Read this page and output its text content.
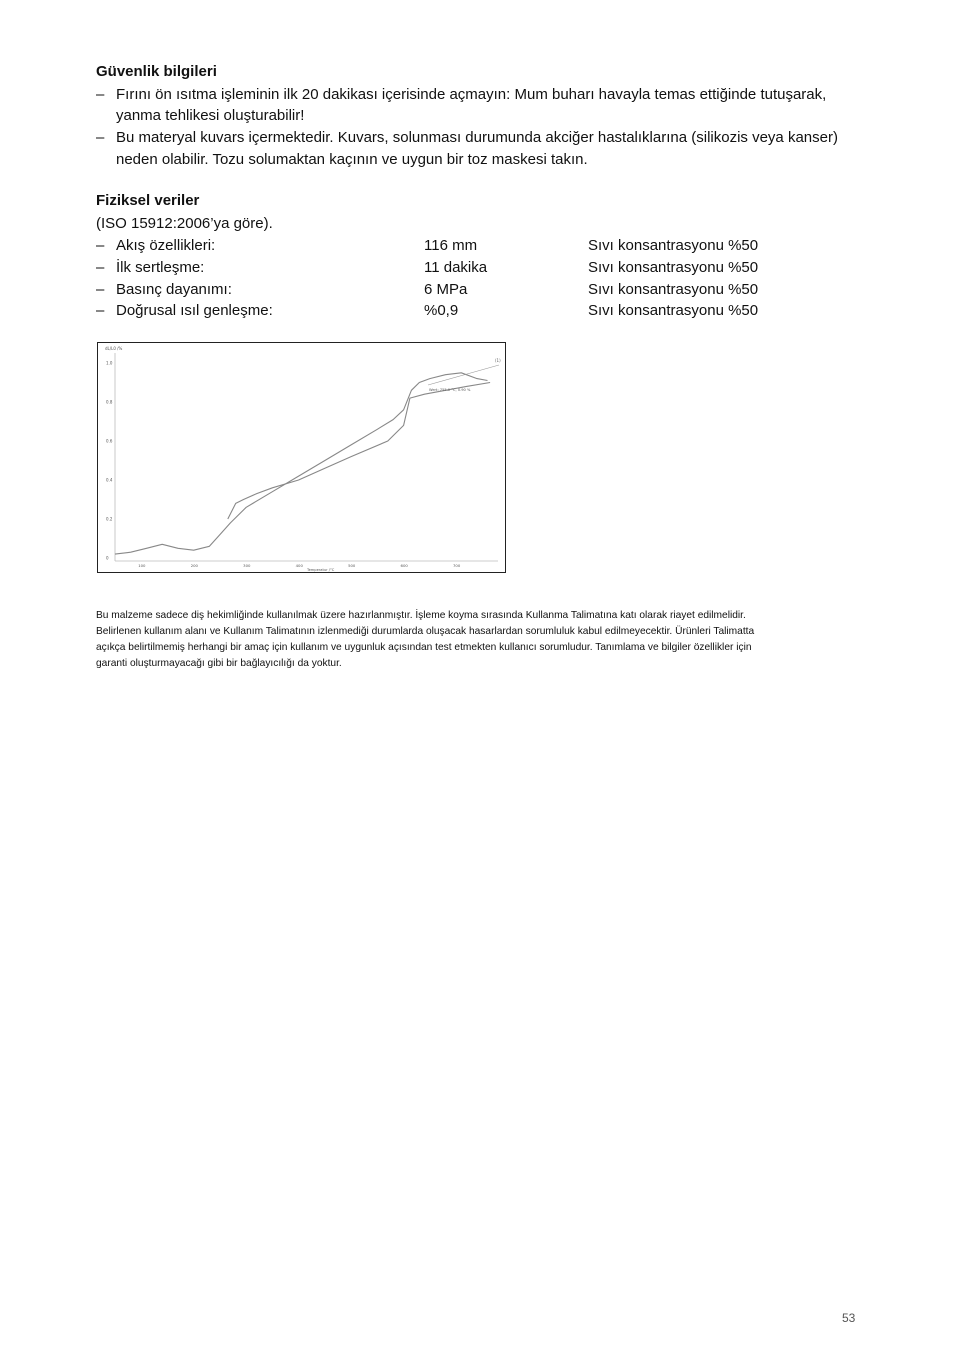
Güvenlik bilgileri
– Fırını ön ısıtma işleminin ilk 20 dakikası içerisinde açmayın: Mum buharı havayla temas ettiğinde tutuşarak,
yanma tehlikesi oluşturabilir!
– Bu materyal kuvars içermektedir. Kuvars, solunması durumunda akciğer hastalıklarına (silikozis veya kanser)
neden olabilir. Tozu solumaktan kaçının ve uygun bir toz maskesi takın.
Fiziksel veriler
(ISO 15912:2006’ya göre).
– Akış özellikleri:	116 mm	Sıvı konsantrasyonu %50
– İlk sertleşme:	11 dakika	Sıvı konsantrasyonu %50
– Basınç dayanımı:	6 MPa	Sıvı konsantrasyonu %50
– Doğrusal ısıl genleşme:	%0,9	Sıvı konsantrasyonu %50
dL/L0 /%
Temperatur /°C
0
0.2
0.4
0.6
0.8
1.0
100	200	300	400	500	600	700
(1)
Wert: 755.0 °C, 0.90 %
Bu malzeme sadece diş hekimliğinde kullanılmak üzere hazırlanmıştır. İşleme koyma sırasında Kullanma Talimatına katı olarak riayet edilmelidir.
Belirlenen kullanım alanı ve Kullanım Talimatının izlenmediği durumlarda oluşacak hasarlardan sorumluluk kabul edilmeyecektir. Ürünleri Talimatta
açıkça belirtilmemiş herhangi bir amaç için kullanım ve uygunluk açısından test etmekten kullanıcı sorumludur. Tanımlama ve bilgiler özellikler için
garanti oluşturmayacağı gibi bir bağlayıcılığı da yoktur.
53
